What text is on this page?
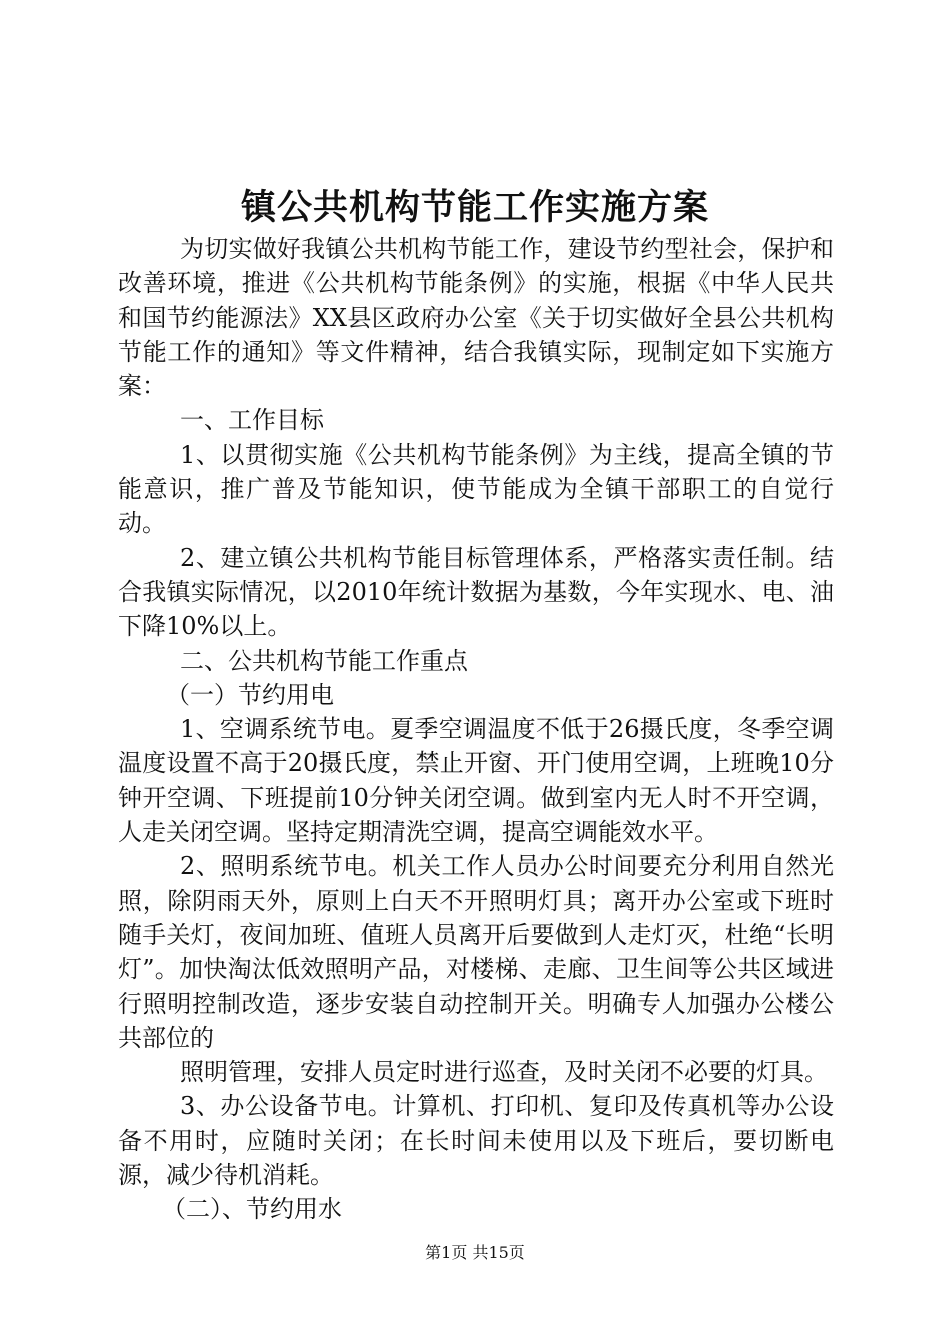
镇公共机构节能工作实施方案

为切实做好我镇公共机构节能工作，建设节约型社会，保护和改善环境，推进《公共机构节能条例》的实施，根据《中华人民共和国节约能源法》XX县区政府办公室《关于切实做好全县公共机构节能工作的通知》等文件精神，结合我镇实际，现制定如下实施方案：

一、工作目标

1、以贯彻实施《公共机构节能条例》为主线，提高全镇的节能意识，推广普及节能知识，使节能成为全镇干部职工的自觉行动。

2、建立镇公共机构节能目标管理体系，严格落实责任制。结合我镇实际情况，以2010年统计数据为基数，今年实现水、电、油下降10%以上。

二、公共机构节能工作重点

（一）节约用电

1、空调系统节电。夏季空调温度不低于26摄氏度，冬季空调温度设置不高于20摄氏度，禁止开窗、开门使用空调，上班晚10分钟开空调、下班提前10分钟关闭空调。做到室内无人时不开空调，人走关闭空调。坚持定期清洗空调，提高空调能效水平。

2、照明系统节电。机关工作人员办公时间要充分利用自然光照，除阴雨天外，原则上白天不开照明灯具；离开办公室或下班时随手关灯，夜间加班、值班人员离开后要做到人走灯灭，杜绝“长明灯”。加快淘汰低效照明产品，对楼梯、走廊、卫生间等公共区域进行照明控制改造，逐步安装自动控制开关。明确专人加强办公楼公共部位的

照明管理，安排人员定时进行巡查，及时关闭不必要的灯具。

3、办公设备节电。计算机、打印机、复印及传真机等办公设备不用时，应随时关闭；在长时间未使用以及下班后，要切断电源，减少待机消耗。

（二）、节约用水

第1页 共15页
